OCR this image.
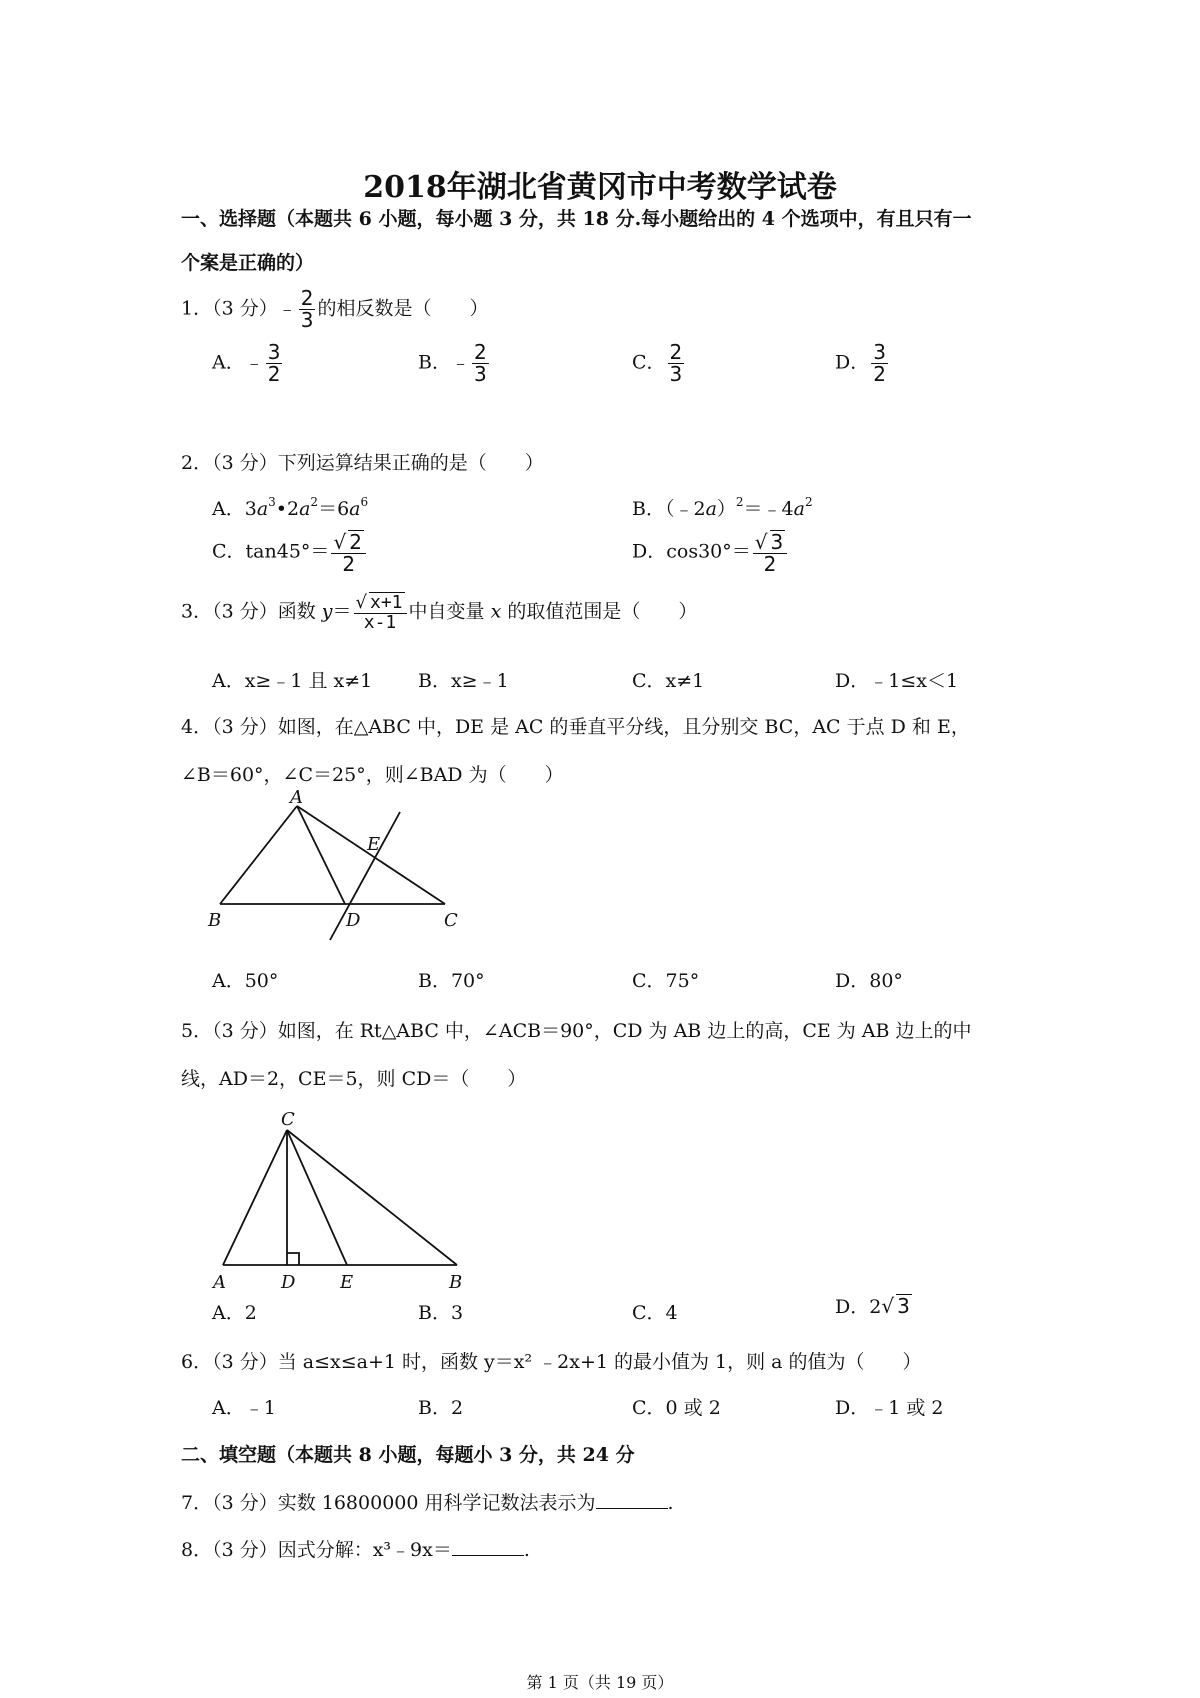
2018年湖北省黄冈市中考数学试卷
一、选择题（本题共 6 小题，每小题 3 分，共 18 分.每小题给出的 4 个选项中，有且只有一
个案是正确的）
1．（3 分）﹣ $\frac{2}{3}$ 的相反数是（　　）
A．﹣ $\frac{3}{2}$	B．﹣ $\frac{2}{3}$	C． $\frac{2}{3}$	D． $\frac{3}{2}$
2．（3 分）下列运算结果正确的是（　　）
A．$3a^3•2a^2=6a^6$	B．$(﹣2a)^2=﹣4a^2$
C．$\tan 45^\circ= \frac{√ 2}{2}$	D．$\cos 30^\circ= \frac{√ 3}{2}$
3．（3 分）函数 $y= \frac{√ x+1}{x-1}$ 中自变量 x 的取值范围是（　　）
A．x≥﹣1 且 x≠1 B．x≥﹣1	C．x≠1	D．﹣1≤x＜1
4．（3 分）如图，在△ABC 中，DE 是 AC 的垂直平分线，且分别交 BC，AC 于点 D 和 E，
∠B＝60°，∠C＝25°，则∠BAD 为（　　）
A
B	C
D
E
A．50°	B．70°	C．75°	D．80°
5．（3 分）如图，在 Rt△ABC 中，∠ACB＝90°，CD 为 AB 边上的高，CE 为 AB 边上的中
线，AD＝2，CE＝5，则 CD＝（　　）
C
A	D E	B
A．2	B．3	C．4	D．2√ 3
6．（3 分）当 a≤x≤a+1 时，函数 y＝x² ﹣2x+1 的最小值为 1，则 a 的值为（　　）
A．﹣1	B．2	C．0 或 2	D．﹣1 或 2
二、填空题（本题共 8 小题，每题小 3 分，共 24 分
7．（3 分）实数 16800000 用科学记数法表示为	.
8．（3 分）因式分解：x³﹣9x＝	.
第 1 页（共 19 页）
